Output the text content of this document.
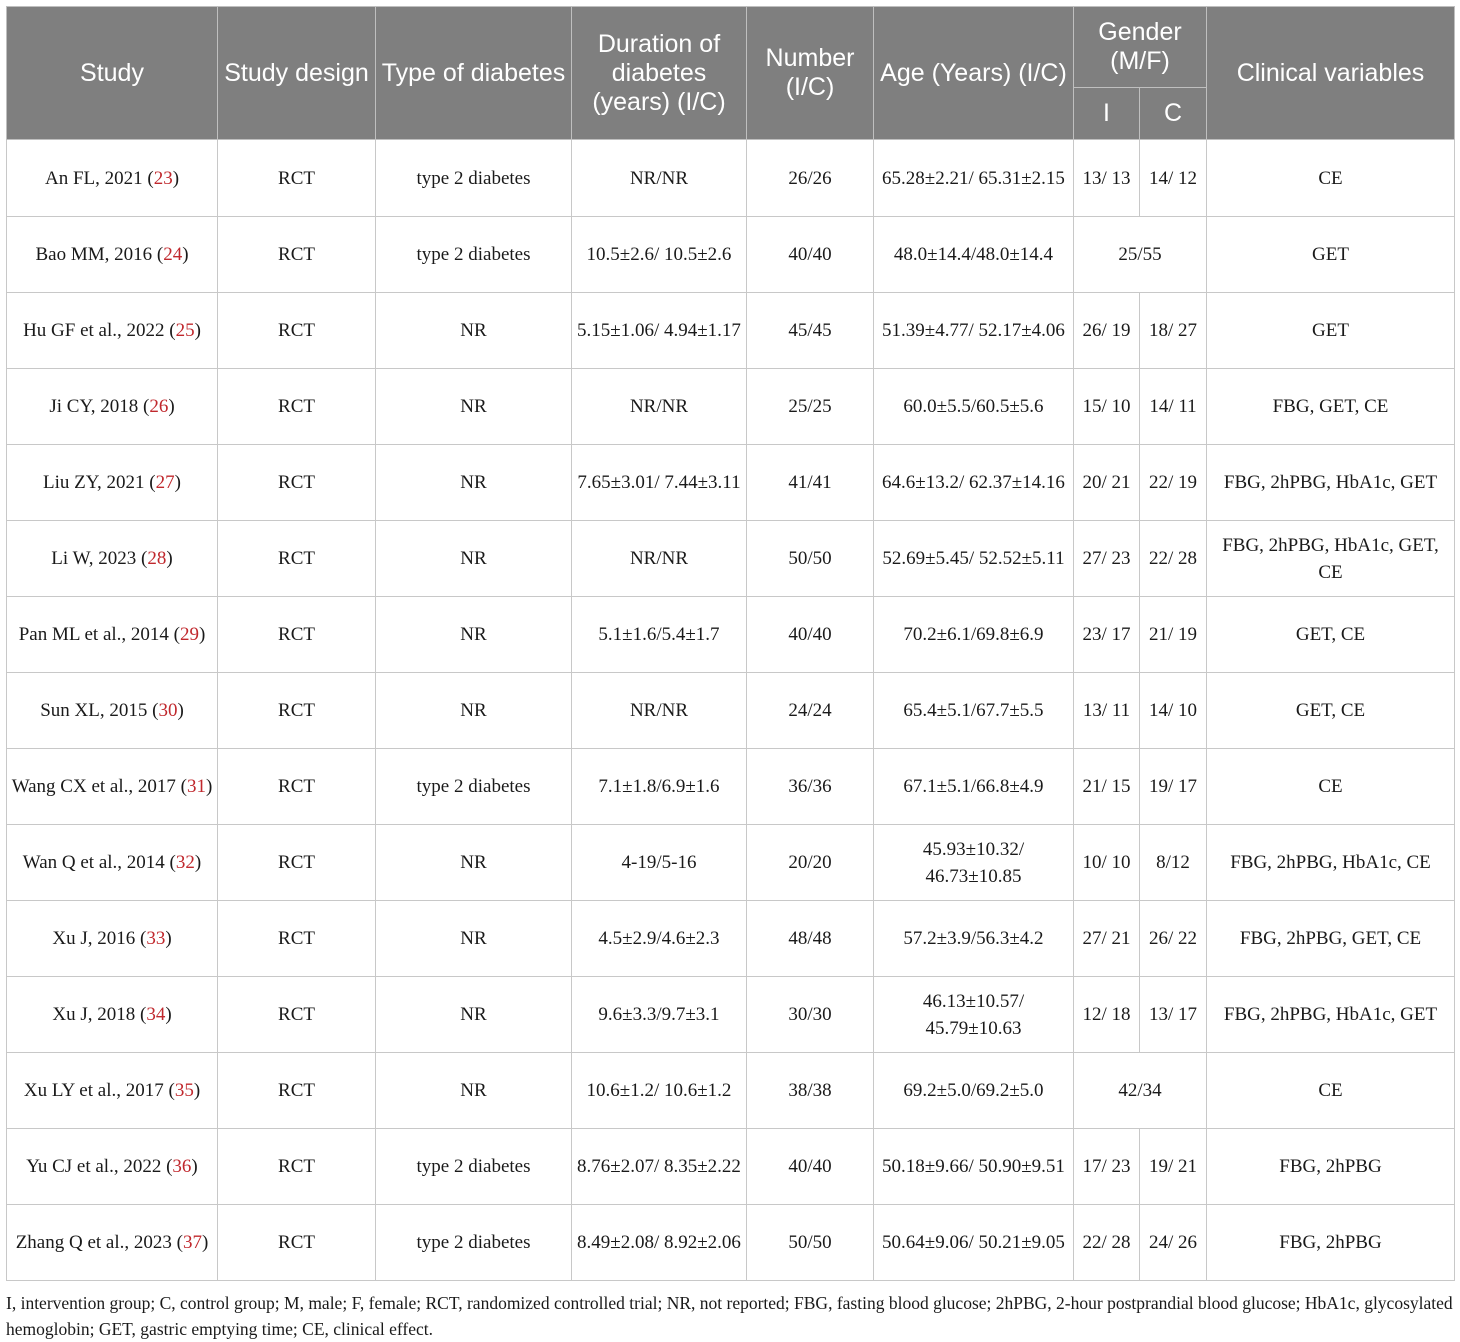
Study	Study design	Type of diabetes	Duration of diabetes (years) (I/C)	Number (I/C)	Age (Years) (I/C)	Gender (M/F)		Clinical variables
						I	C	
An FL, 2021 (23)	RCT	type 2 diabetes	NR/NR	26/26	65.28±2.21/ 65.31±2.15	13/ 13	14/ 12	CE
Bao MM, 2016 (24)	RCT	type 2 diabetes	10.5±2.6/ 10.5±2.6	40/40	48.0±14.4/48.0±14.4	25/55		GET
Hu GF et al., 2022 (25)	RCT	NR	5.15±1.06/ 4.94±1.17	45/45	51.39±4.77/ 52.17±4.06	26/ 19	18/ 27	GET
Ji CY, 2018 (26)	RCT	NR	NR/NR	25/25	60.0±5.5/60.5±5.6	15/ 10	14/ 11	FBG, GET, CE
Liu ZY, 2021 (27)	RCT	NR	7.65±3.01/ 7.44±3.11	41/41	64.6±13.2/ 62.37±14.16	20/ 21	22/ 19	FBG, 2hPBG, HbA1c, GET
Li W, 2023 (28)	RCT	NR	NR/NR	50/50	52.69±5.45/ 52.52±5.11	27/ 23	22/ 28	FBG, 2hPBG, HbA1c, GET, CE
Pan ML et al., 2014 (29)	RCT	NR	5.1±1.6/5.4±1.7	40/40	70.2±6.1/69.8±6.9	23/ 17	21/ 19	GET, CE
Sun XL, 2015 (30)	RCT	NR	NR/NR	24/24	65.4±5.1/67.7±5.5	13/ 11	14/ 10	GET, CE
Wang CX et al., 2017 (31)	RCT	type 2 diabetes	7.1±1.8/6.9±1.6	36/36	67.1±5.1/66.8±4.9	21/ 15	19/ 17	CE
Wan Q et al., 2014 (32)	RCT	NR	4-19/5-16	20/20	45.93±10.32/ 46.73±10.85	10/ 10	8/12	FBG, 2hPBG, HbA1c, CE
Xu J, 2016 (33)	RCT	NR	4.5±2.9/4.6±2.3	48/48	57.2±3.9/56.3±4.2	27/ 21	26/ 22	FBG, 2hPBG, GET, CE
Xu J, 2018 (34)	RCT	NR	9.6±3.3/9.7±3.1	30/30	46.13±10.57/ 45.79±10.63	12/ 18	13/ 17	FBG, 2hPBG, HbA1c, GET
Xu LY et al., 2017 (35)	RCT	NR	10.6±1.2/ 10.6±1.2	38/38	69.2±5.0/69.2±5.0	42/34		CE
Yu CJ et al., 2022 (36)	RCT	type 2 diabetes	8.76±2.07/ 8.35±2.22	40/40	50.18±9.66/ 50.90±9.51	17/ 23	19/ 21	FBG, 2hPBG
Zhang Q et al., 2023 (37)	RCT	type 2 diabetes	8.49±2.08/ 8.92±2.06	50/50	50.64±9.06/ 50.21±9.05	22/ 28	24/ 26	FBG, 2hPBG
I, intervention group; C, control group; M, male; F, female; RCT, randomized controlled trial; NR, not reported; FBG, fasting blood glucose; 2hPBG, 2-hour postprandial blood glucose; HbA1c, glycosylated hemoglobin; GET, gastric emptying time; CE, clinical effect.
